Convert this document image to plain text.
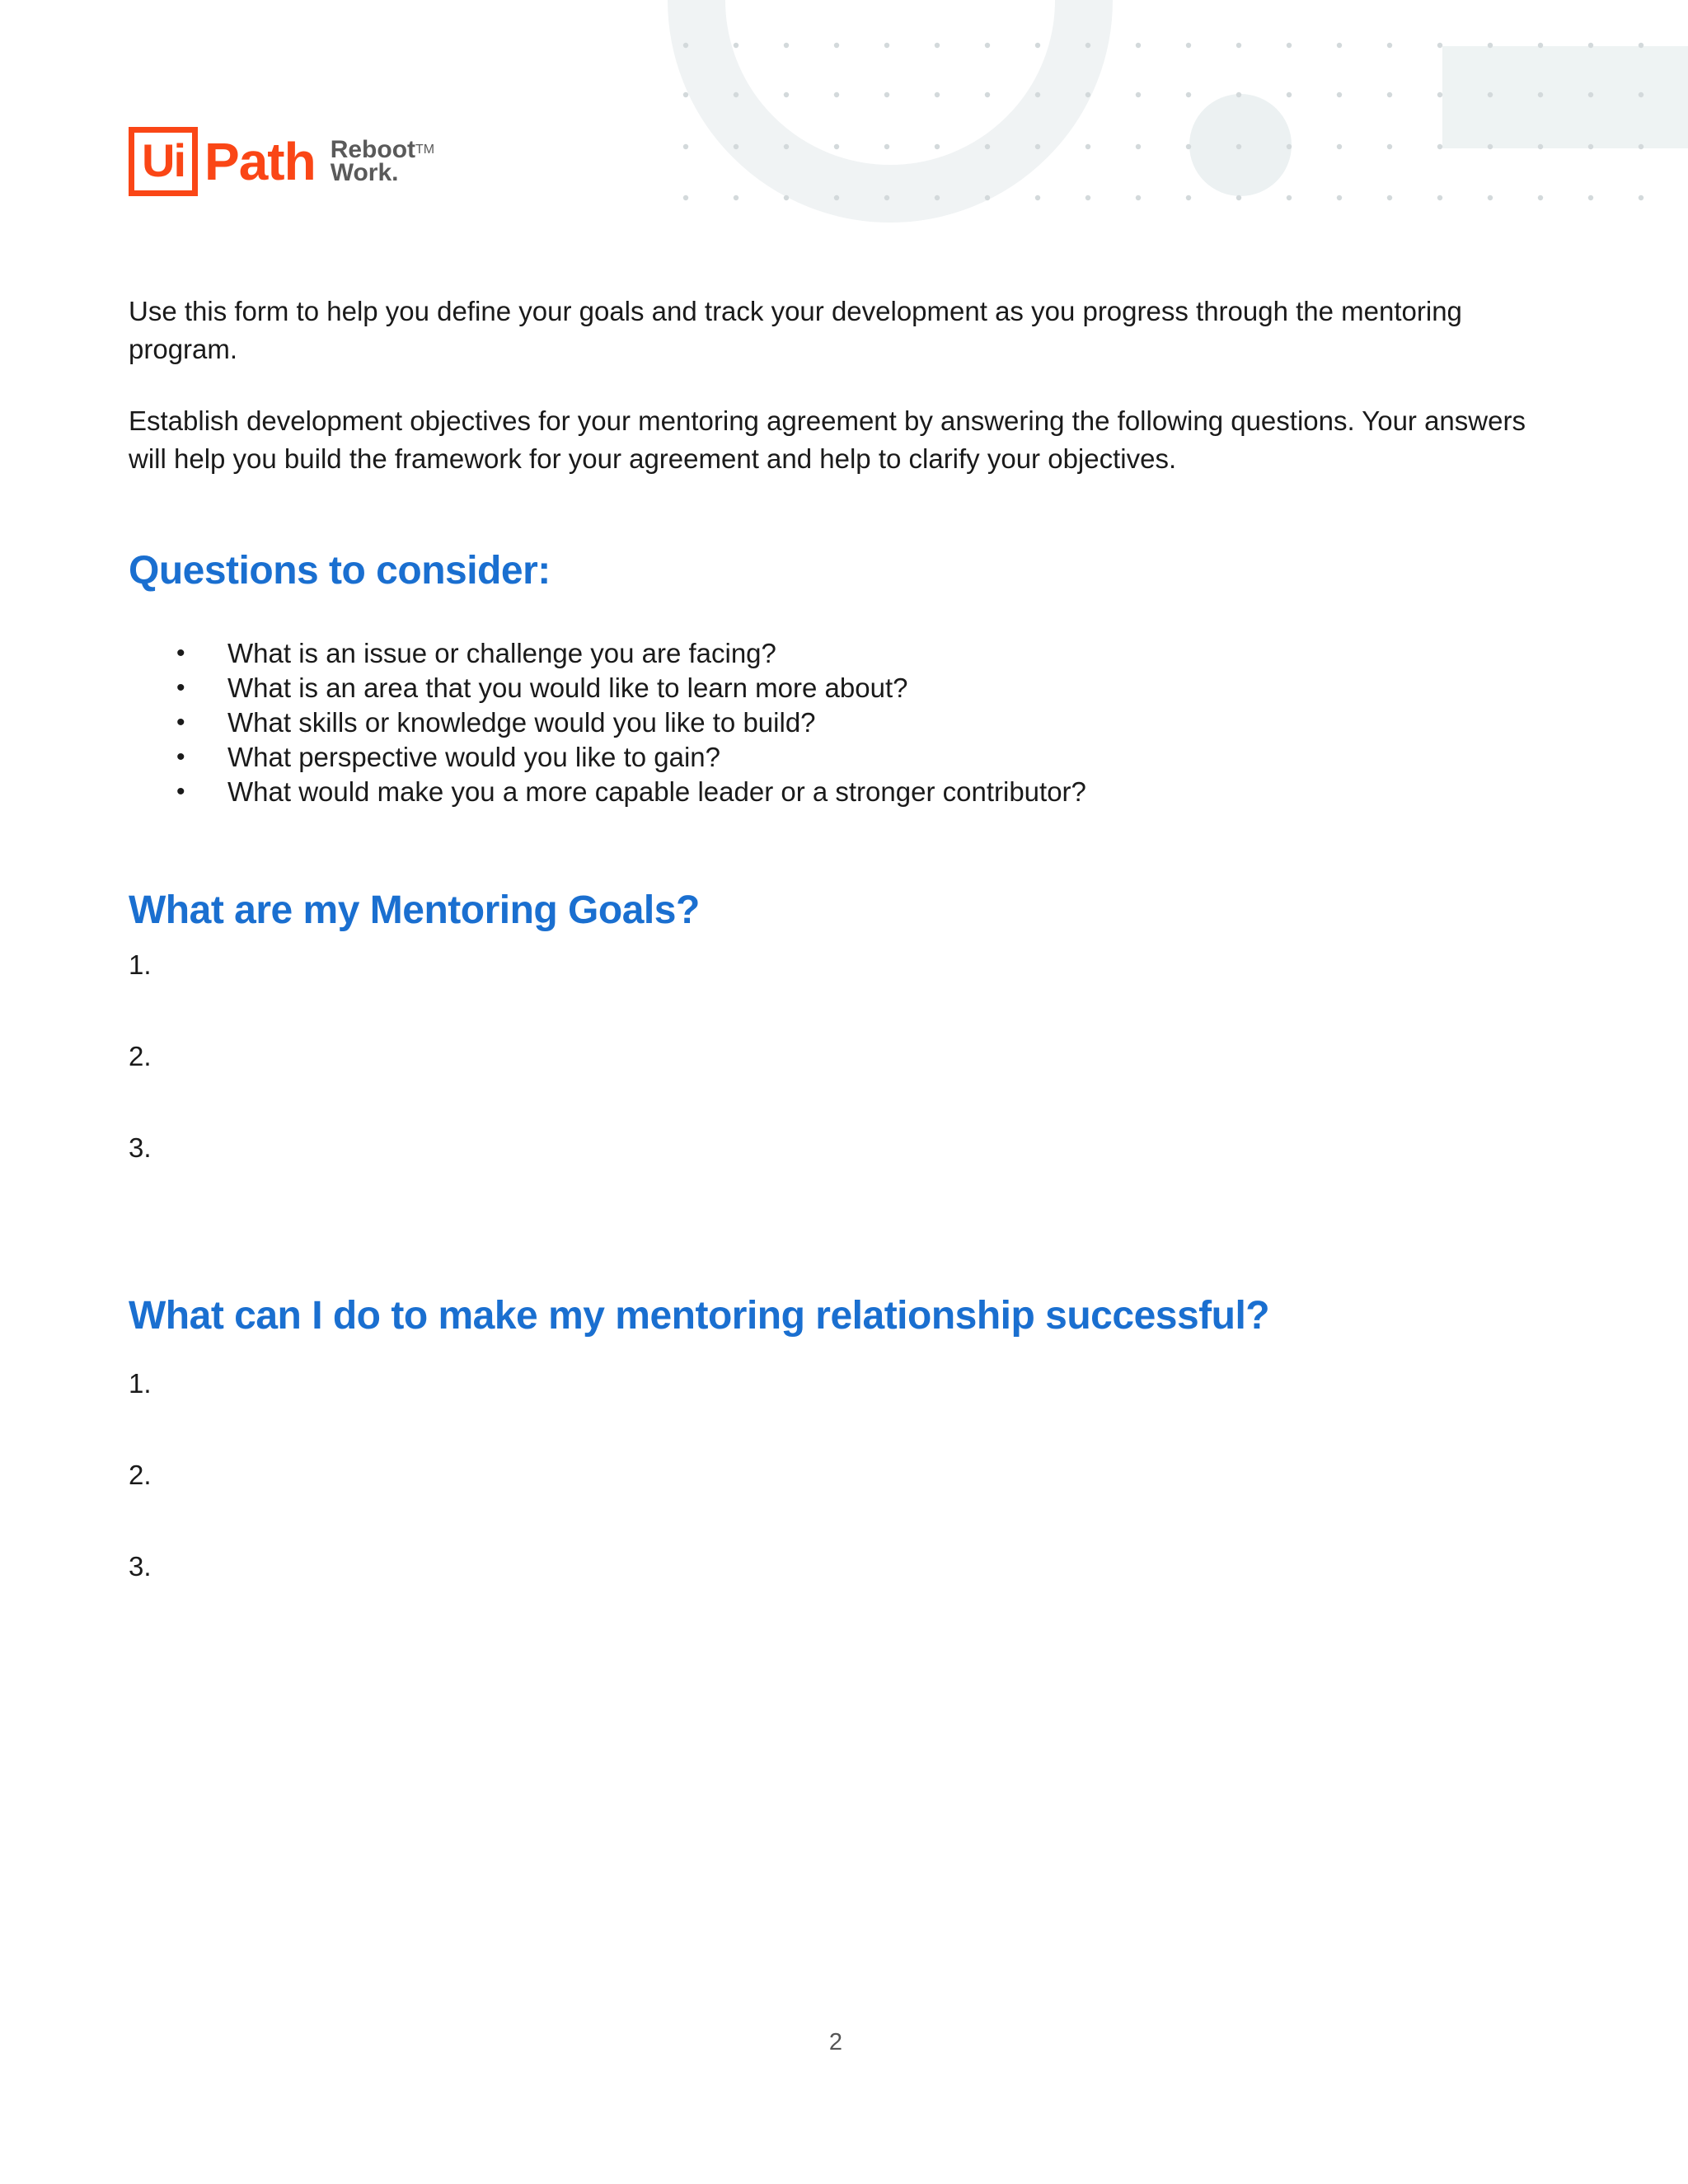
Ui Path Reboot™
Work.

Use this form to help you define your goals and track your development as you progress through the mentoring program.

Establish development objectives for your mentoring agreement by answering the following questions. Your answers will help you build the framework for your agreement and help to clarify your objectives.

Questions to consider:
• What is an issue or challenge you are facing?
• What is an area that you would like to learn more about?
• What skills or knowledge would you like to build?
• What perspective would you like to gain?
• What would make you a more capable leader or a stronger contributor?
What are my Mentoring Goals?
1.
2.
3.
What can I do to make my mentoring relationship successful?
1.
2.
3.
2
